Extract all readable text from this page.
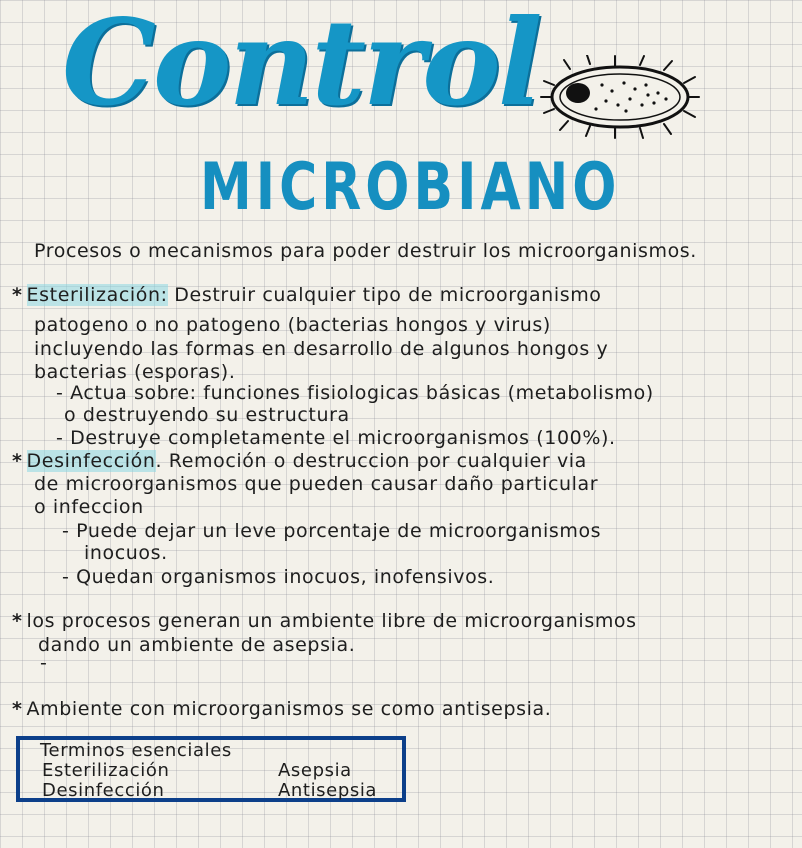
Control
MICROBIANO
Procesos o mecanismos para poder destruir los microorganismos.
* Esterilización: Destruir cualquier tipo de microorganismo
patogeno o no patogeno (bacterias hongos y virus)
incluyendo las formas en desarrollo de algunos hongos y
bacterias (esporas).
- Actua sobre: funciones fisiologicas básicas (metabolismo)
o destruyendo su estructura
- Destruye completamente el microorganismos (100%).
* Desinfección. Remoción o destruccion por cualquier via
de microorganismos que pueden causar daño particular
o infeccion
- Puede dejar un leve porcentaje de microorganismos
inocuos.
- Quedan organismos inocuos, inofensivos.
* los procesos generan un ambiente libre de microorganismos
dando un ambiente de asepsia.
-
* Ambiente con microorganismos se como antisepsia.
Terminos esenciales
Esterilización
Desinfección
Asepsia
Antisepsia
